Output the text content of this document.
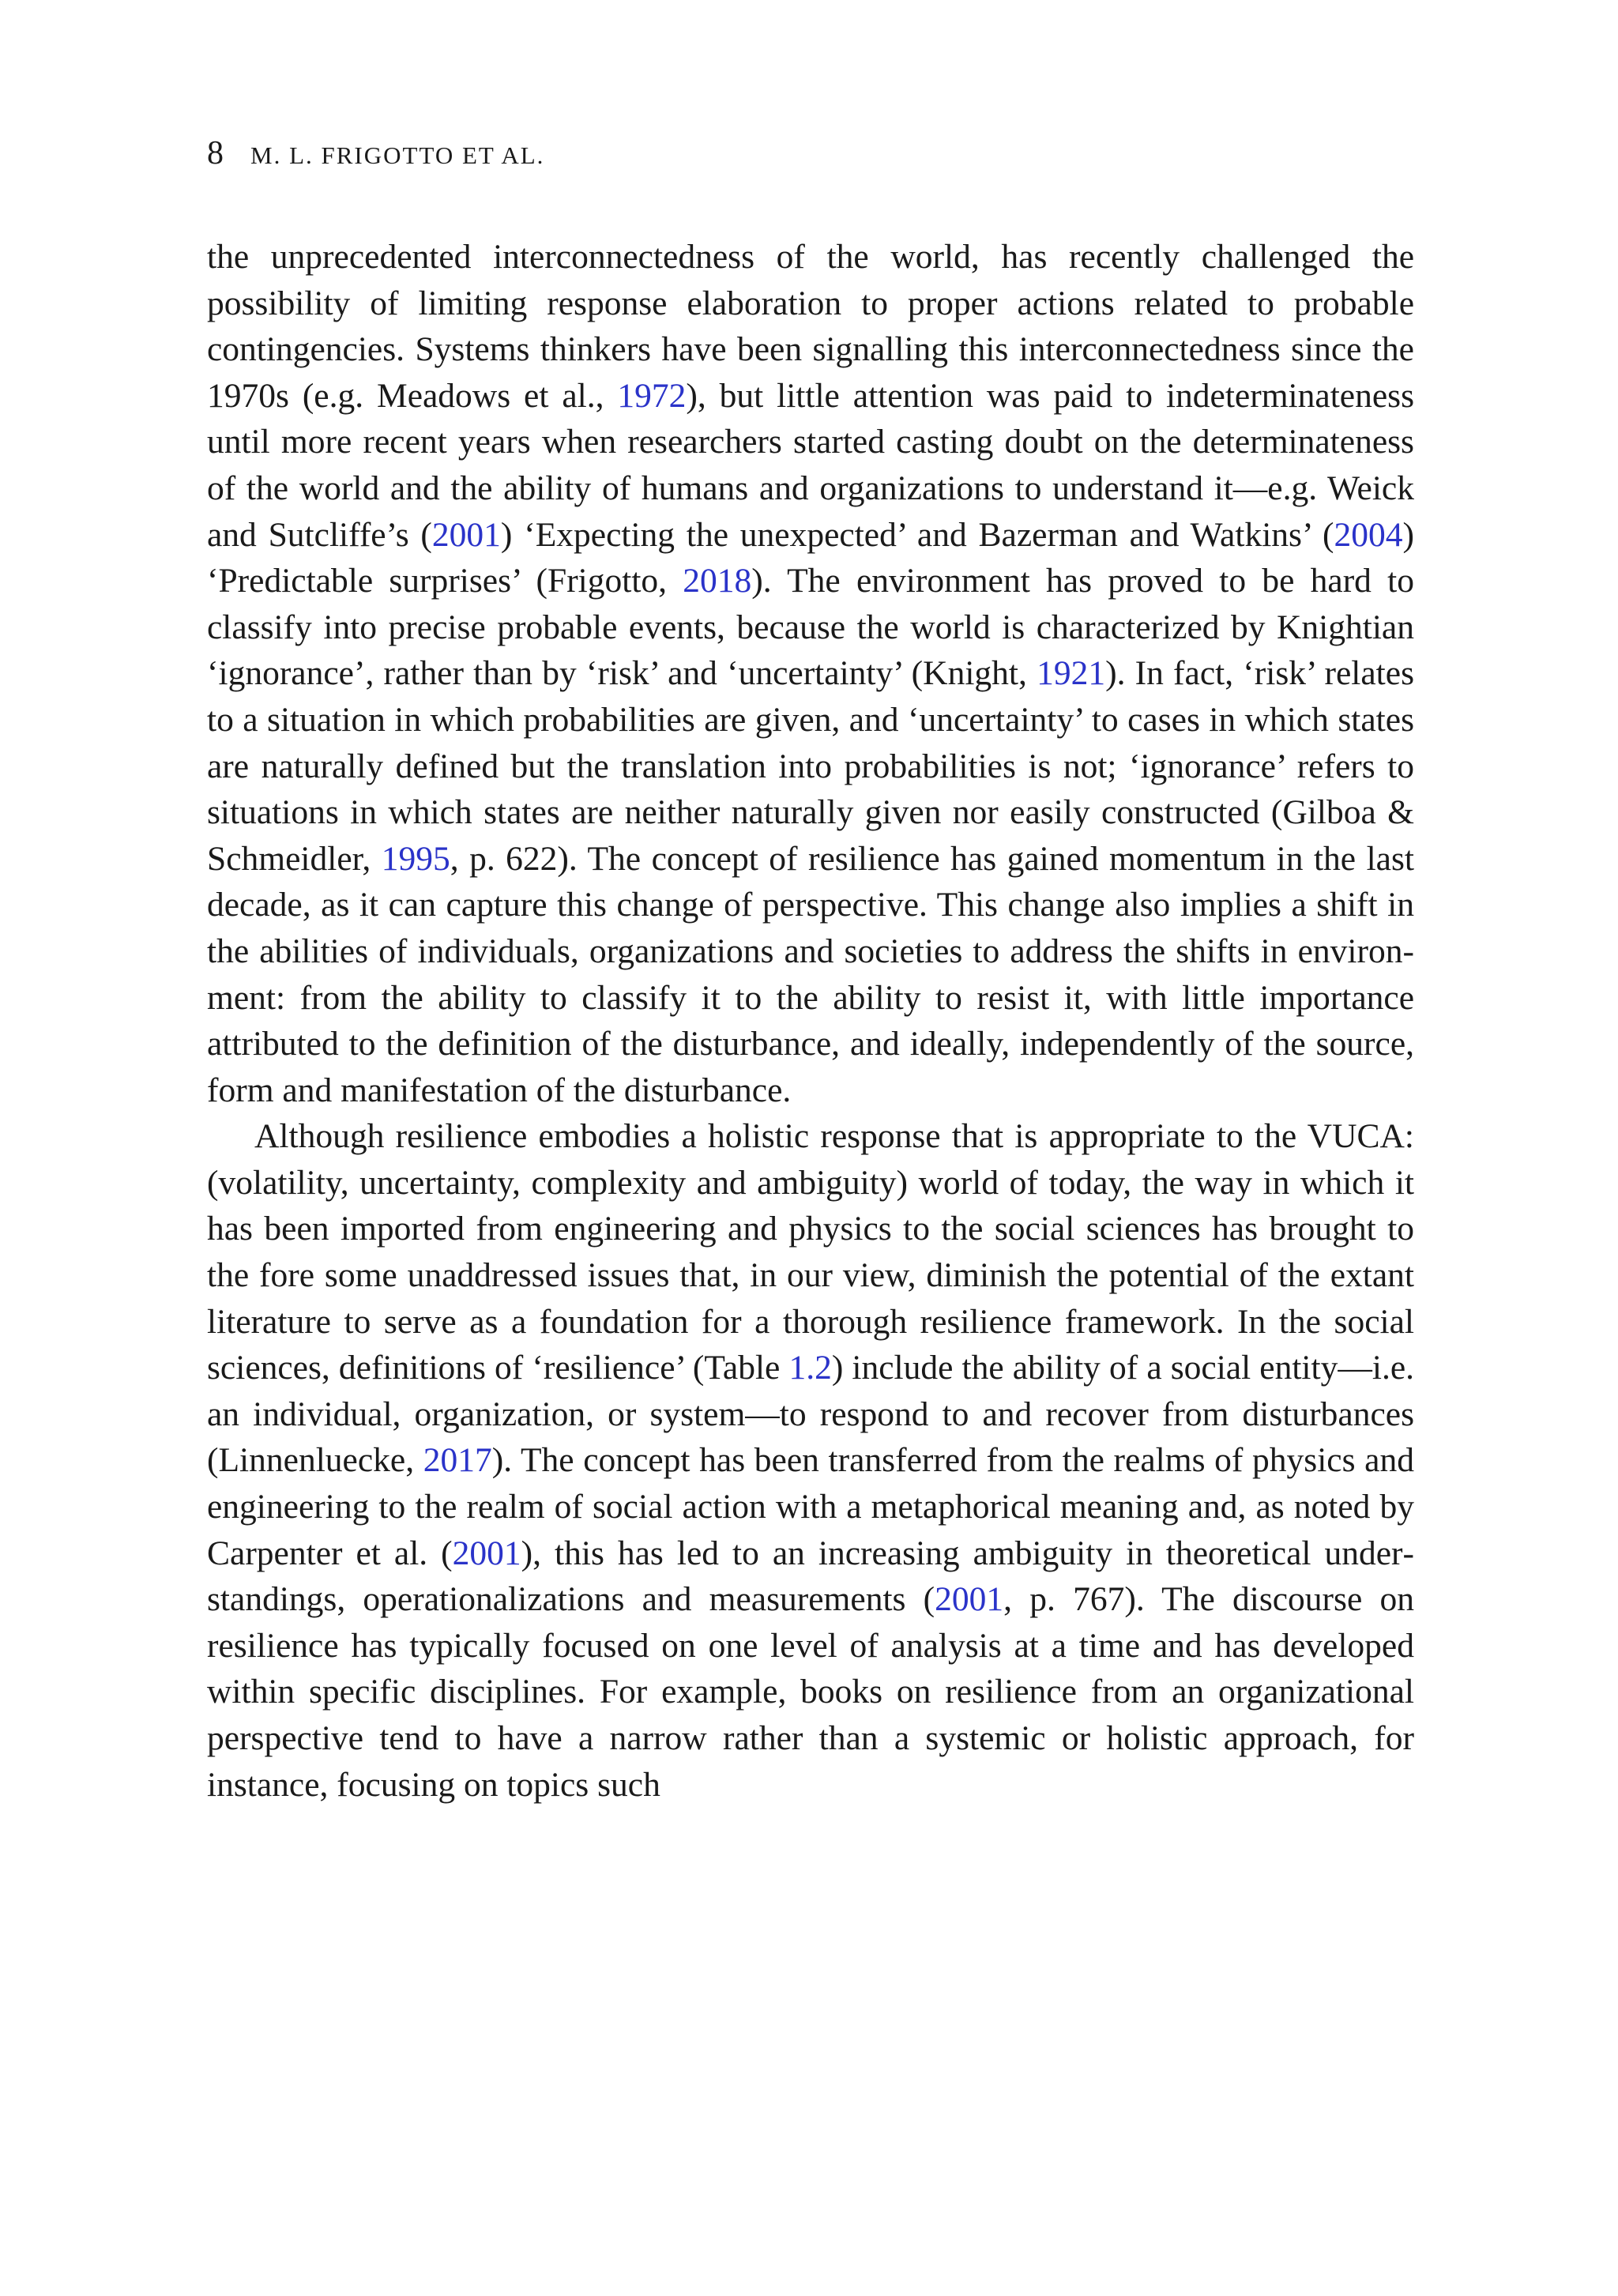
8 M. L. FRIGOTTO ET AL.

the unprecedented interconnectedness of the world, has recently challenged the possibility of limiting response elaboration to proper actions related to probable contingencies. Systems thinkers have been signalling this interconnectedness since the 1970s (e.g. Meadows et al., 1972), but little attention was paid to indeterminateness until more recent years when researchers started casting doubt on the determinateness of the world and the ability of humans and organizations to understand it—e.g. Weick and Sutcliffe’s (2001) ‘Expecting the unexpected’ and Bazerman and Watkins’ (2004) ‘Predictable surprises’ (Frigotto, 2018). The environment has proved to be hard to classify into precise probable events, because the world is characterized by Knightian ‘ignorance’, rather than by ‘risk’ and ‘uncertainty’ (Knight, 1921). In fact, ‘risk’ relates to a situation in which probabilities are given, and ‘uncertainty’ to cases in which states are naturally defined but the translation into probabilities is not; ‘ignorance’ refers to situations in which states are neither naturally given nor easily constructed (Gilboa & Schmeidler, 1995, p. 622). The concept of resilience has gained momentum in the last decade, as it can capture this change of perspective. This change also implies a shift in the abilities of individuals, organizations and societies to address the shifts in environment: from the ability to classify it to the ability to resist it, with little importance attributed to the definition of the disturbance, and ideally, independently of the source, form and manifestation of the disturbance.

Although resilience embodies a holistic response that is appropriate to the VUCA: (volatility, uncertainty, complexity and ambiguity) world of today, the way in which it has been imported from engineering and physics to the social sciences has brought to the fore some unaddressed issues that, in our view, diminish the potential of the extant literature to serve as a foundation for a thorough resilience framework. In the social sciences, definitions of ‘resilience’ (Table 1.2) include the ability of a social entity—i.e. an individual, organization, or system—to respond to and recover from disturbances (Linnenluecke, 2017). The concept has been transferred from the realms of physics and engineering to the realm of social action with a metaphorical meaning and, as noted by Carpenter et al. (2001), this has led to an increasing ambiguity in theoretical understandings, operationalizations and measurements (2001, p. 767). The discourse on resilience has typically focused on one level of analysis at a time and has developed within specific disciplines. For example, books on resilience from an organizational perspective tend to have a narrow rather than a systemic or holistic approach, for instance, focusing on topics such
